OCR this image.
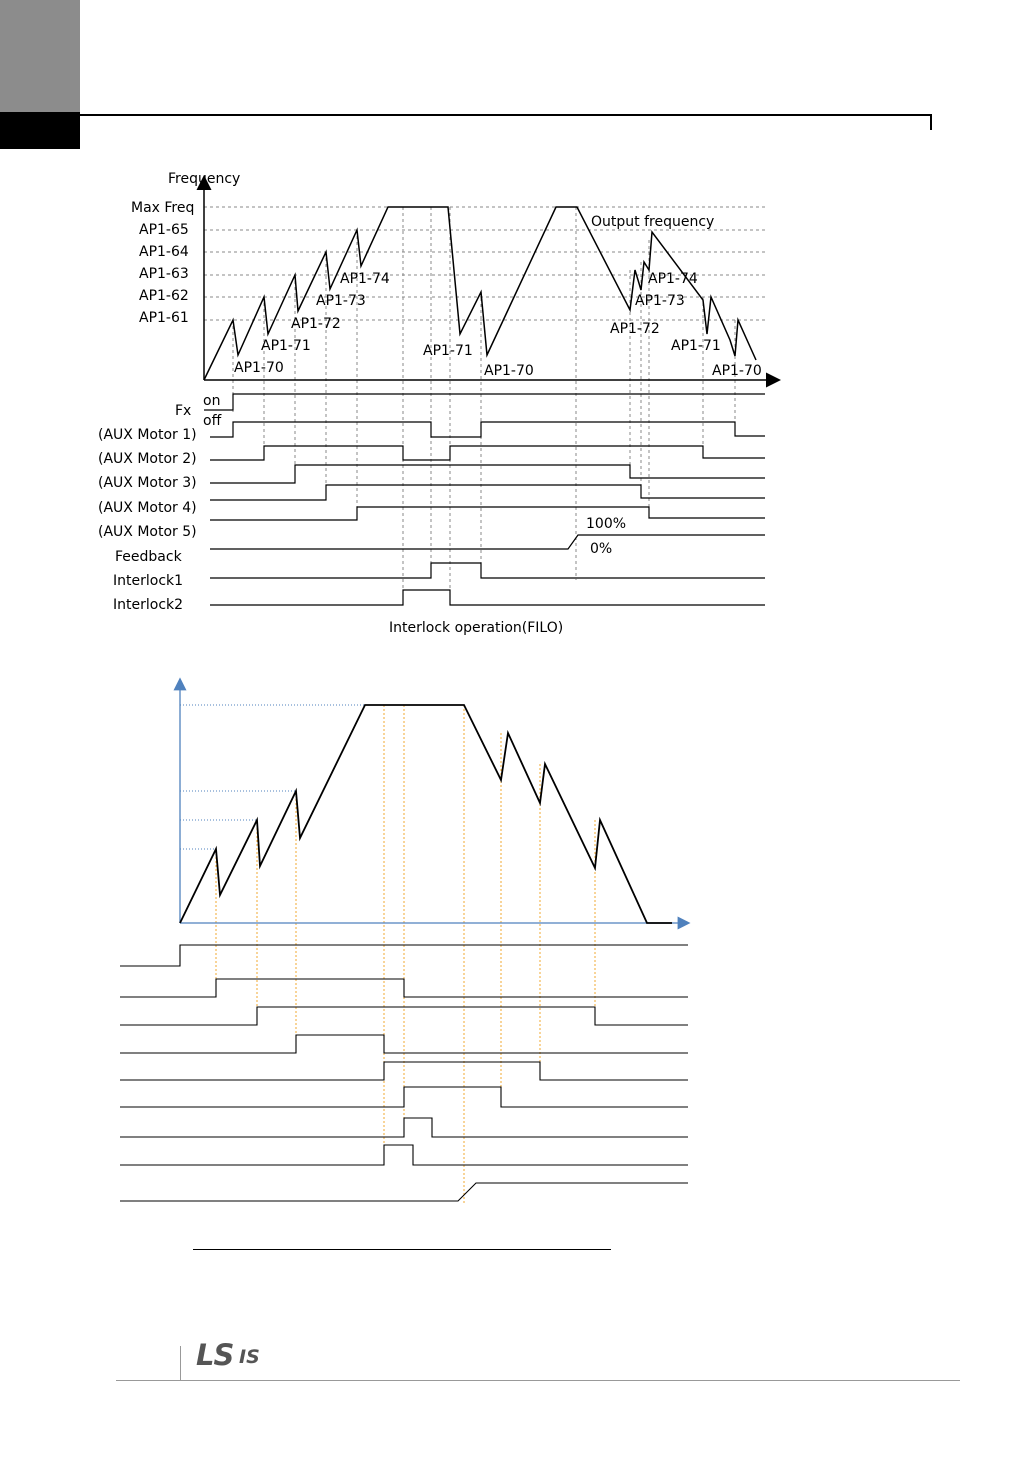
Frequency
Max Freq
AP1-65
AP1-64
AP1-63
AP1-62
AP1-61
Output frequency
AP1-70
AP1-71
AP1-72
AP1-73
AP1-74
AP1-71
AP1-70
AP1-72
AP1-73
AP1-74
AP1-71
AP1-70
Fx
on
off
(AUX Motor 1)
(AUX Motor 2)
(AUX Motor 3)
(AUX Motor 4)
(AUX Motor 5)
Feedback
Interlock1
Interlock2
100%
0%
Interlock operation(FILO)
LS IS
